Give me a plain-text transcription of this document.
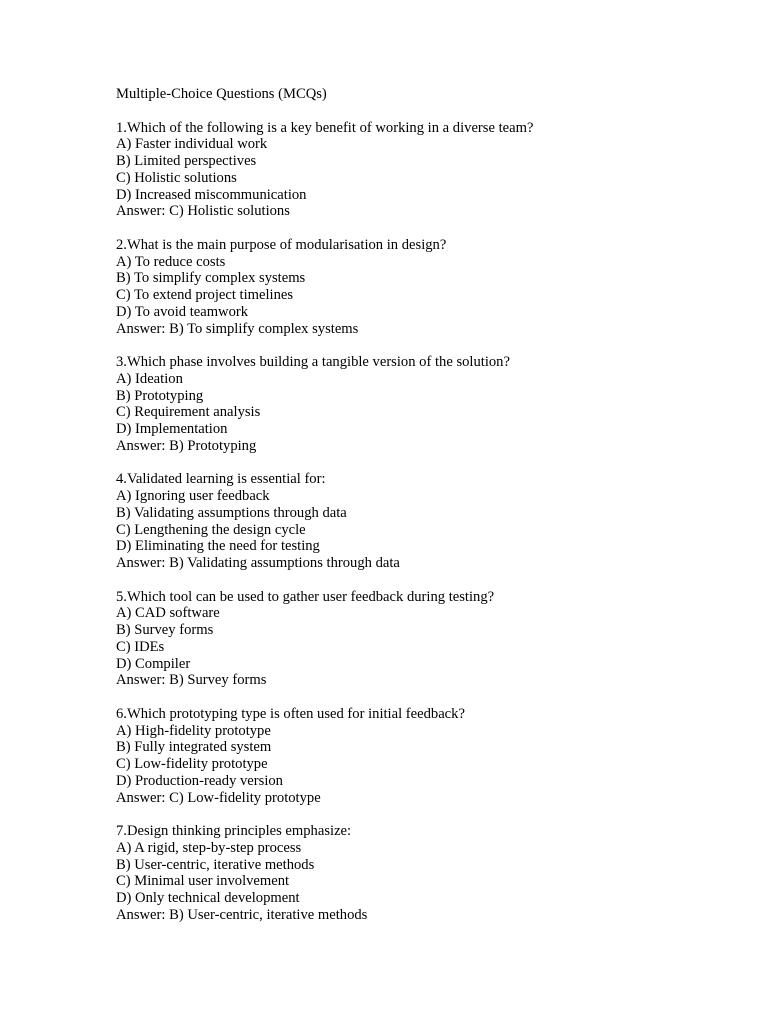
Multiple-Choice Questions (MCQs)
1.Which of the following is a key benefit of working in a diverse team?
A) Faster individual work
B) Limited perspectives
C) Holistic solutions
D) Increased miscommunication
Answer: C) Holistic solutions
2.What is the main purpose of modularisation in design?
A) To reduce costs
B) To simplify complex systems
C) To extend project timelines
D) To avoid teamwork
Answer: B) To simplify complex systems
3.Which phase involves building a tangible version of the solution?
A) Ideation
B) Prototyping
C) Requirement analysis
D) Implementation
Answer: B) Prototyping
4.Validated learning is essential for:
A) Ignoring user feedback
B) Validating assumptions through data
C) Lengthening the design cycle
D) Eliminating the need for testing
Answer: B) Validating assumptions through data
5.Which tool can be used to gather user feedback during testing?
A) CAD software
B) Survey forms
C) IDEs
D) Compiler
Answer: B) Survey forms
6.Which prototyping type is often used for initial feedback?
A) High-fidelity prototype
B) Fully integrated system
C) Low-fidelity prototype
D) Production-ready version
Answer: C) Low-fidelity prototype
7.Design thinking principles emphasize:
A) A rigid, step-by-step process
B) User-centric, iterative methods
C) Minimal user involvement
D) Only technical development
Answer: B) User-centric, iterative methods
